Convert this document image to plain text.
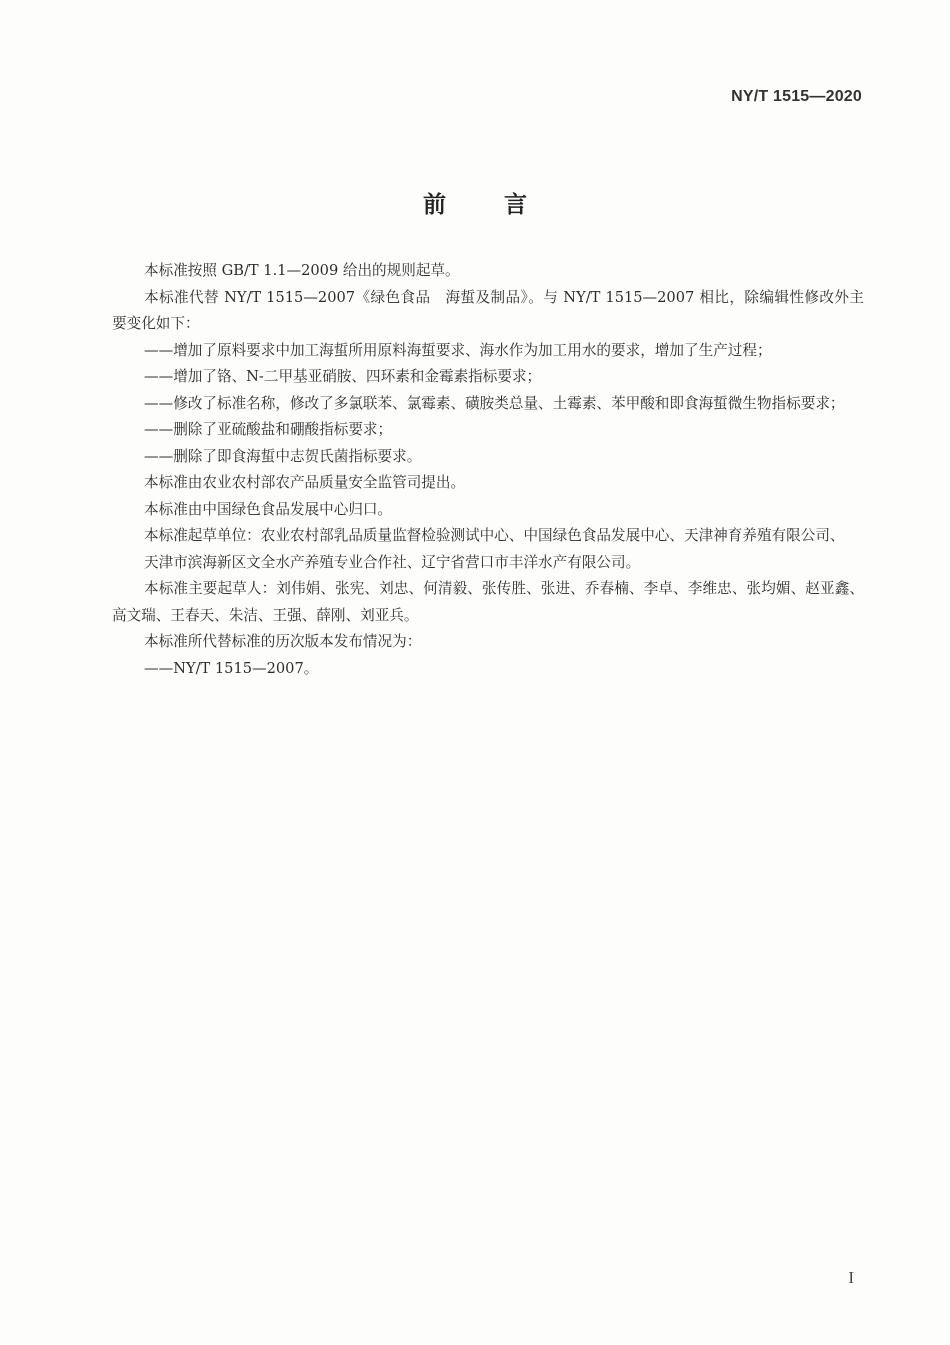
NY/T 1515—2020
前言

本标准按照 GB/T 1.1—2009 给出的规则起草。

本标准代替 NY/T 1515—2007《绿色食品　海蜇及制品》。与 NY/T 1515—2007 相比，除编辑性修改外主要变化如下：

——增加了原料要求中加工海蜇所用原料海蜇要求、海水作为加工用水的要求，增加了生产过程；

——增加了铬、N-二甲基亚硝胺、四环素和金霉素指标要求；

——修改了标准名称，修改了多氯联苯、氯霉素、磺胺类总量、土霉素、苯甲酸和即食海蜇微生物指标要求；

——删除了亚硫酸盐和硼酸指标要求；

——删除了即食海蜇中志贺氏菌指标要求。

本标准由农业农村部农产品质量安全监管司提出。

本标准由中国绿色食品发展中心归口。

本标准起草单位：农业农村部乳品质量监督检验测试中心、中国绿色食品发展中心、天津神育养殖有限公司、

天津市滨海新区文全水产养殖专业合作社、辽宁省营口市丰洋水产有限公司。

本标准主要起草人：刘伟娟、张宪、刘忠、何清毅、张传胜、张进、乔春楠、李卓、李维忠、张均媚、赵亚鑫、高文瑞、王春天、朱洁、王强、薛刚、刘亚兵。

本标准所代替标准的历次版本发布情况为：

——NY/T 1515—2007。

I
